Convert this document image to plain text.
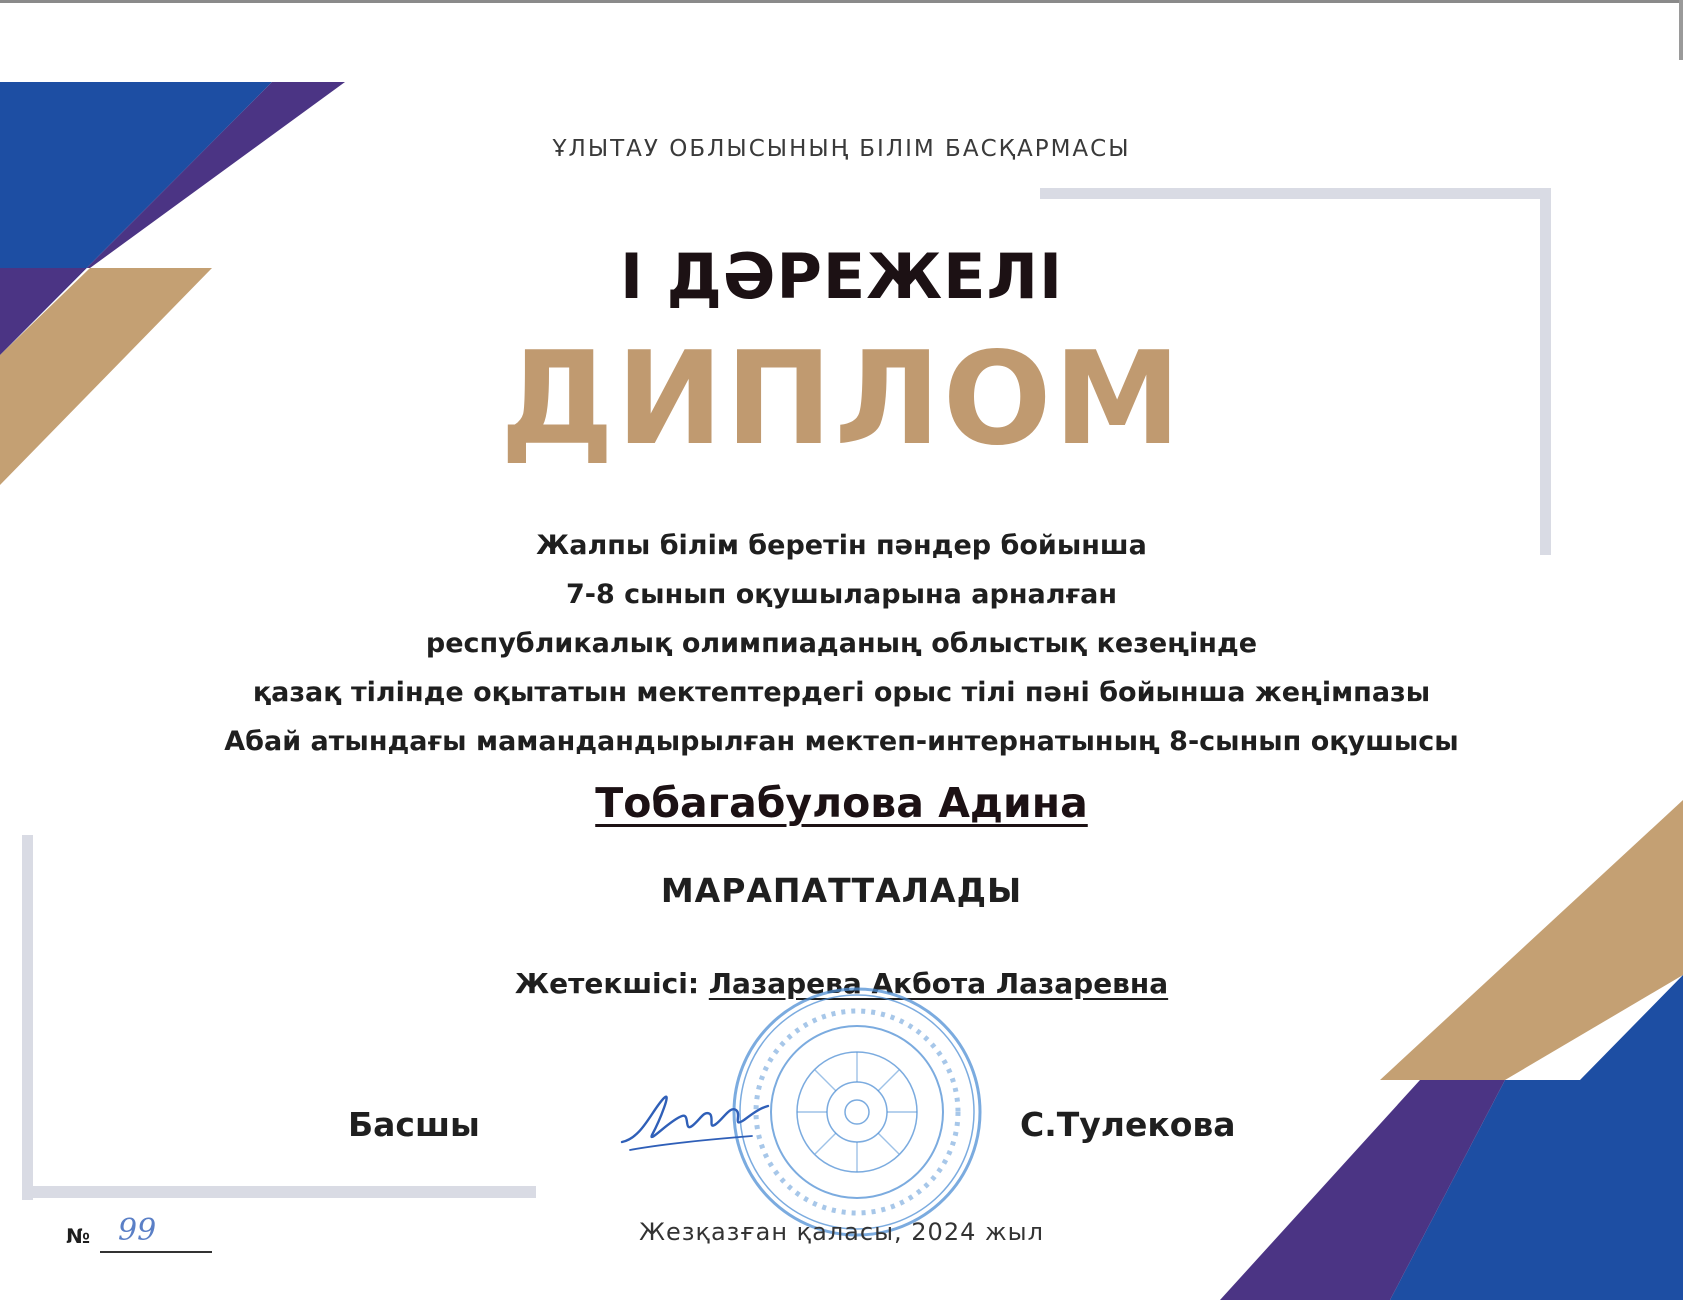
ҰЛЫТАУ ОБЛЫСЫНЫҢ БІЛІМ БАСҚАРМАСЫ
І ДӘРЕЖЕЛІ
ДИПЛОМ
Жалпы білім беретін пәндер бойынша
7-8 сынып оқушыларына арналған
республикалық олимпиаданың облыстық кезеңінде
қазақ тілінде оқытатын мектептердегі орыс тілі пәні бойынша жеңімпазы
Абай атындағы мамандандырылған мектеп-интернатының 8-сынып оқушысы
Тобагабулова Адина
МАРАПАТТАЛАДЫ
Жетекшісі: Лазарева Акбота Лазаревна
Басшы	С.Тулекова
Жезқазған қаласы, 2024 жыл
№ 99
